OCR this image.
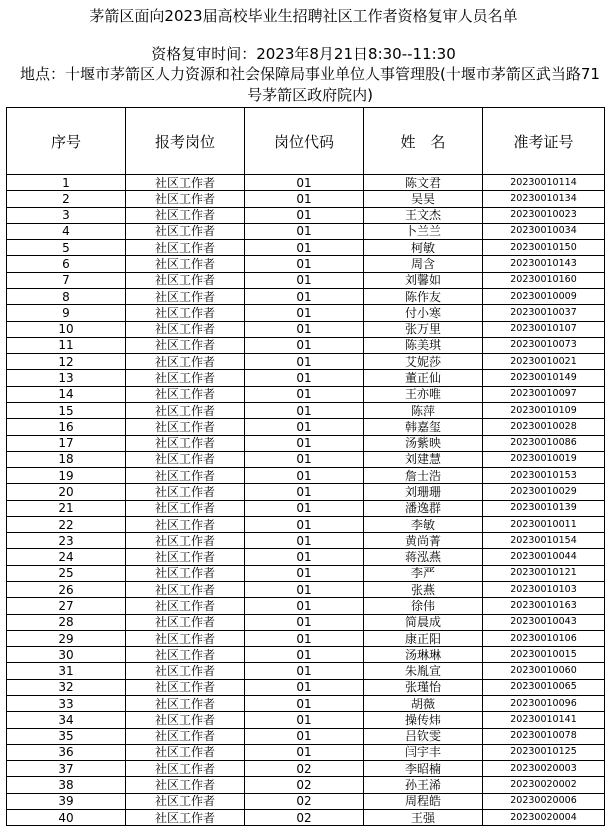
茅箭区面向2023届高校毕业生招聘社区工作者资格复审人员名单
资格复审时间：2023年8月21日8:30--11:30
地点：十堰市茅箭区人力资源和社会保障局事业单位人事管理股(十堰市茅箭区武当路71号茅箭区政府院内)
序号	报考岗位	岗位代码	姓　名	准考证号
1	社区工作者	01	陈文君	20230010114
2	社区工作者	01	吴昊	20230010134
3	社区工作者	01	王文杰	20230010023
4	社区工作者	01	卜兰兰	20230010034
5	社区工作者	01	柯敏	20230010150
6	社区工作者	01	周含	20230010143
7	社区工作者	01	刘馨如	20230010160
8	社区工作者	01	陈作友	20230010009
9	社区工作者	01	付小寒	20230010037
10	社区工作者	01	张万里	20230010107
11	社区工作者	01	陈美琪	20230010073
12	社区工作者	01	艾妮莎	20230010021
13	社区工作者	01	董正仙	20230010149
14	社区工作者	01	王亦唯	20230010097
15	社区工作者	01	陈萍	20230010109
16	社区工作者	01	韩嘉玺	20230010028
17	社区工作者	01	汤紫映	20230010086
18	社区工作者	01	刘建慧	20230010019
19	社区工作者	01	詹士浩	20230010153
20	社区工作者	01	刘珊珊	20230010029
21	社区工作者	01	潘逸群	20230010139
22	社区工作者	01	李敏	20230010011
23	社区工作者	01	黄尚菁	20230010154
24	社区工作者	01	蒋泓燕	20230010044
25	社区工作者	01	李严	20230010121
26	社区工作者	01	张燕	20230010103
27	社区工作者	01	徐伟	20230010163
28	社区工作者	01	简晨成	20230010043
29	社区工作者	01	康正阳	20230010106
30	社区工作者	01	汤琳琳	20230010015
31	社区工作者	01	朱胤宣	20230010060
32	社区工作者	01	张瑾怡	20230010065
33	社区工作者	01	胡薇	20230010096
34	社区工作者	01	操传炜	20230010141
35	社区工作者	01	吕钦雯	20230010078
36	社区工作者	01	闫宇丰	20230010125
37	社区工作者	02	李昭楠	20230020003
38	社区工作者	02	孙王浠	20230020002
39	社区工作者	02	周程皓	20230020006
40	社区工作者	02	王强	20230020004
